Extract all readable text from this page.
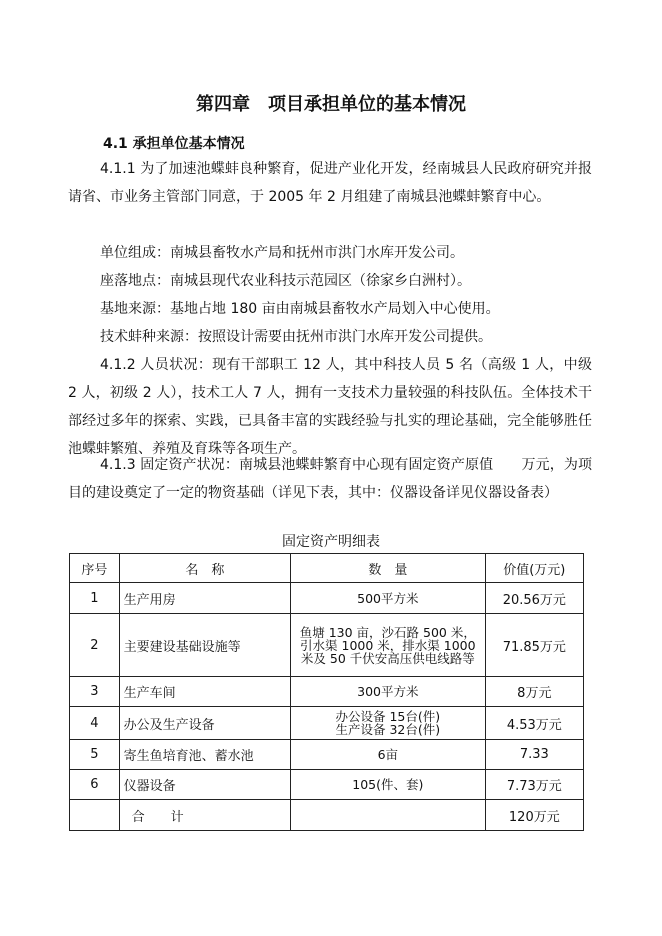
第四章　项目承担单位的基本情况
4.1 承担单位基本情况

4.1.1 为了加速池蝶蚌良种繁育，促进产业化开发，经南城县人民政府研究并报请省、市业务主管部门同意，于 2005 年 2 月组建了南城县池蝶蚌繁育中心。

单位组成：南城县畜牧水产局和抚州市洪门水库开发公司。
座落地点：南城县现代农业科技示范园区（徐家乡白洲村）。
基地来源：基地占地 180 亩由南城县畜牧水产局划入中心使用。
技术蚌种来源：按照设计需要由抚州市洪门水库开发公司提供。

4.1.2 人员状况：现有干部职工 12 人，其中科技人员 5 名（高级 1 人，中级 2 人，初级 2 人），技术工人 7 人，拥有一支技术力量较强的科技队伍。全体技术干部经过多年的探索、实践，已具备丰富的实践经验与扎实的理论基础，完全能够胜任池蝶蚌繁殖、养殖及育珠等各项生产。

4.1.3 固定资产状况：南城县池蝶蚌繁育中心现有固定资产原值　　万元，为项目的建设奠定了一定的物资基础（详见下表，其中：仪器设备详见仪器设备表）

固定资产明细表
序号	名　称	数　量	价值(万元)
1	生产用房	500平方米	20.56万元
2	主要建设基础设施等	鱼塘 130 亩，沙石路 500 米，引水渠 1000 米，排水渠 1000 米及 50 千伏安高压供电线路等	71.85万元
3	生产车间	300平方米	8万元
4	办公及生产设备	办公设备 15台(件)
生产设备 32台(件)	4.53万元
5	寄生鱼培育池、蓄水池	6亩	7.33
6	仪器设备	105(件、套)	7.73万元
	合　　计		120万元
